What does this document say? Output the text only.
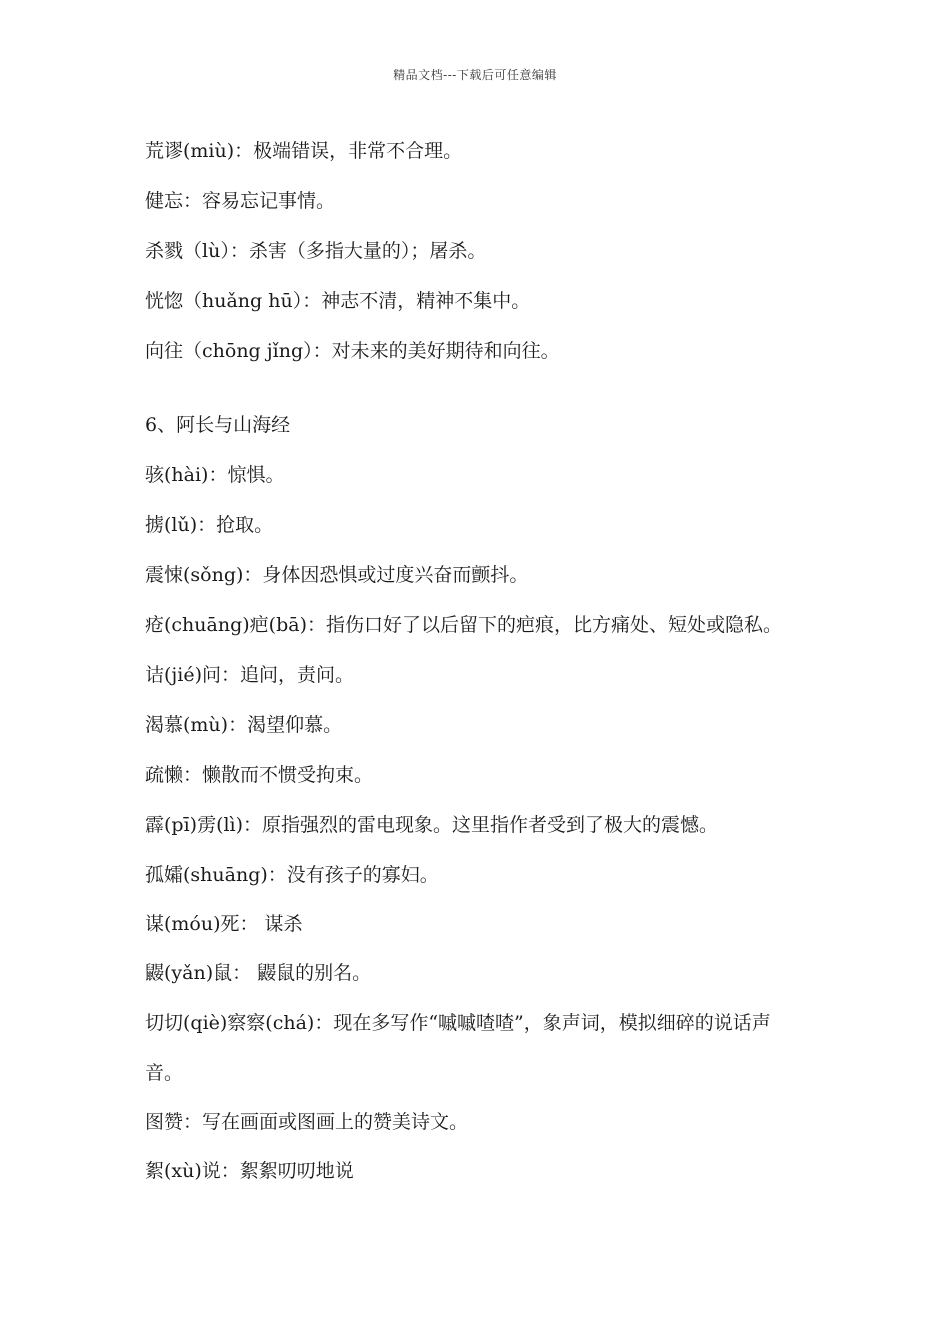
精品文档---下载后可任意编辑
荒谬(miù)：极端错误，非常不合理。
健忘：容易忘记事情。
杀戮（lù）：杀害（多指大量的）；屠杀。
恍惚（huǎng hū）：神志不清，精神不集中。
向往（chōng jǐng）：对未来的美好期待和向往。
6、阿长与山海经
骇(hài)：惊惧。
掳(lǔ)：抢取。
震悚(sǒng)：身体因恐惧或过度兴奋而颤抖。
疮(chuāng)疤(bā)：指伤口好了以后留下的疤痕，比方痛处、短处或隐私。
诘(jié)问：追问，责问。
渴慕(mù)：渴望仰慕。
疏懒：懒散而不惯受拘束。
霹(pī)雳(lì)：原指强烈的雷电现象。这里指作者受到了极大的震憾。
孤孀(shuāng)：没有孩子的寡妇。
谋(móu)死： 谋杀
鼹(yǎn)鼠： 鼹鼠的别名。
切切(qiè)察察(chá)：现在多写作“嘁嘁喳喳”，象声词，模拟细碎的说话声
音。
图赞：写在画面或图画上的赞美诗文。
絮(xù)说：絮絮叨叨地说
